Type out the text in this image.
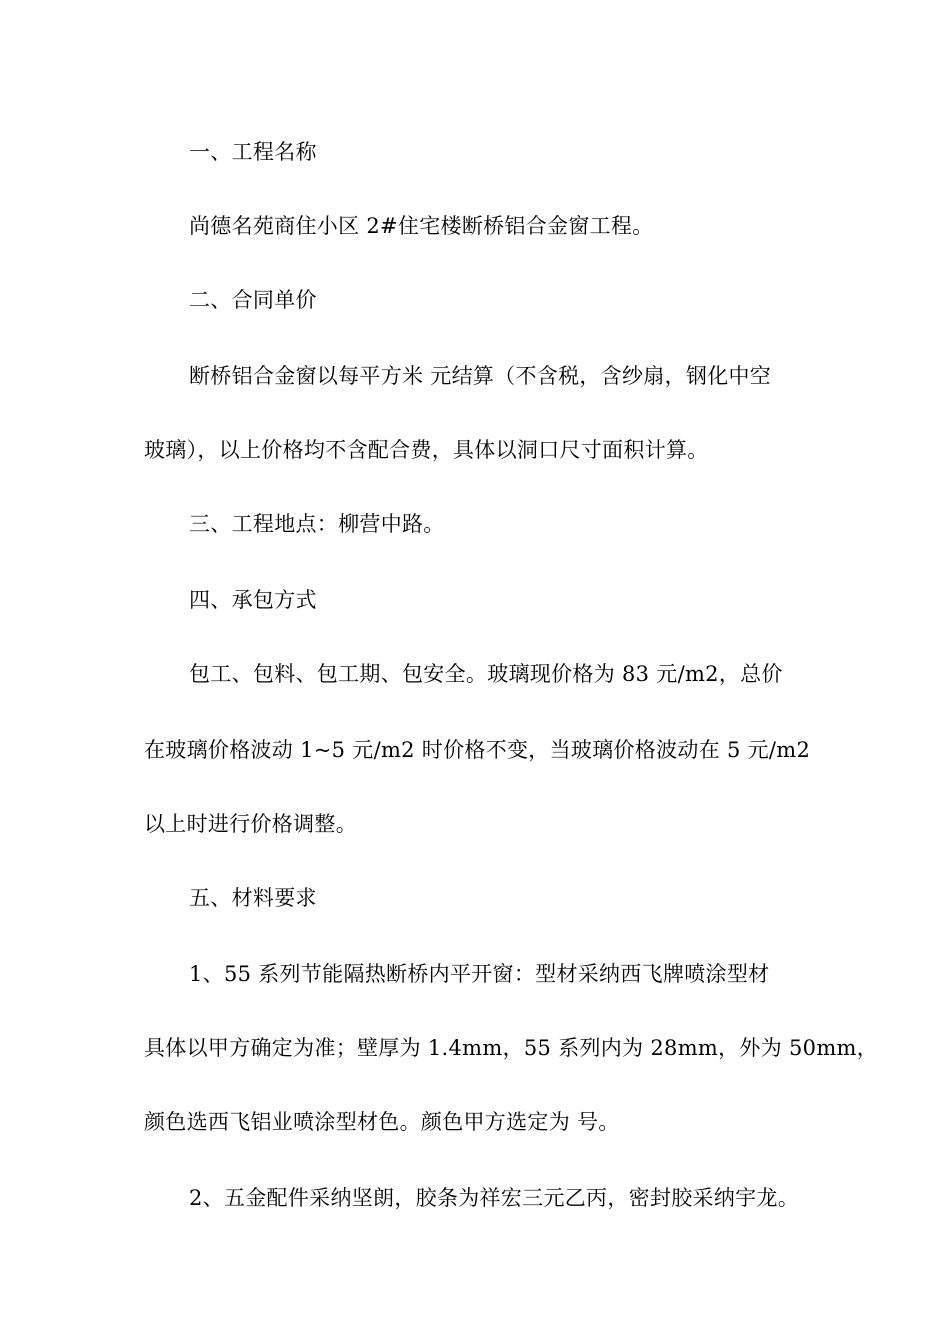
一、工程名称
尚德名苑商住小区 2#住宅楼断桥铝合金窗工程。
二、合同单价
断桥铝合金窗以每平方米 元结算（不含税，含纱扇，钢化中空
玻璃），以上价格均不含配合费，具体以洞口尺寸面积计算。
三、工程地点：柳营中路。
四、承包方式
包工、包料、包工期、包安全。玻璃现价格为 83 元/m2，总价
在玻璃价格波动 1~5 元/m2 时价格不变，当玻璃价格波动在 5 元/m2
以上时进行价格调整。
五、材料要求
1、55 系列节能隔热断桥内平开窗：型材采纳西飞牌喷涂型材
具体以甲方确定为准；壁厚为 1.4mm，55 系列内为 28mm，外为 50mm，
颜色选西飞铝业喷涂型材色。颜色甲方选定为 号。
2、五金配件采纳坚朗，胶条为祥宏三元乙丙，密封胶采纳宇龙。
